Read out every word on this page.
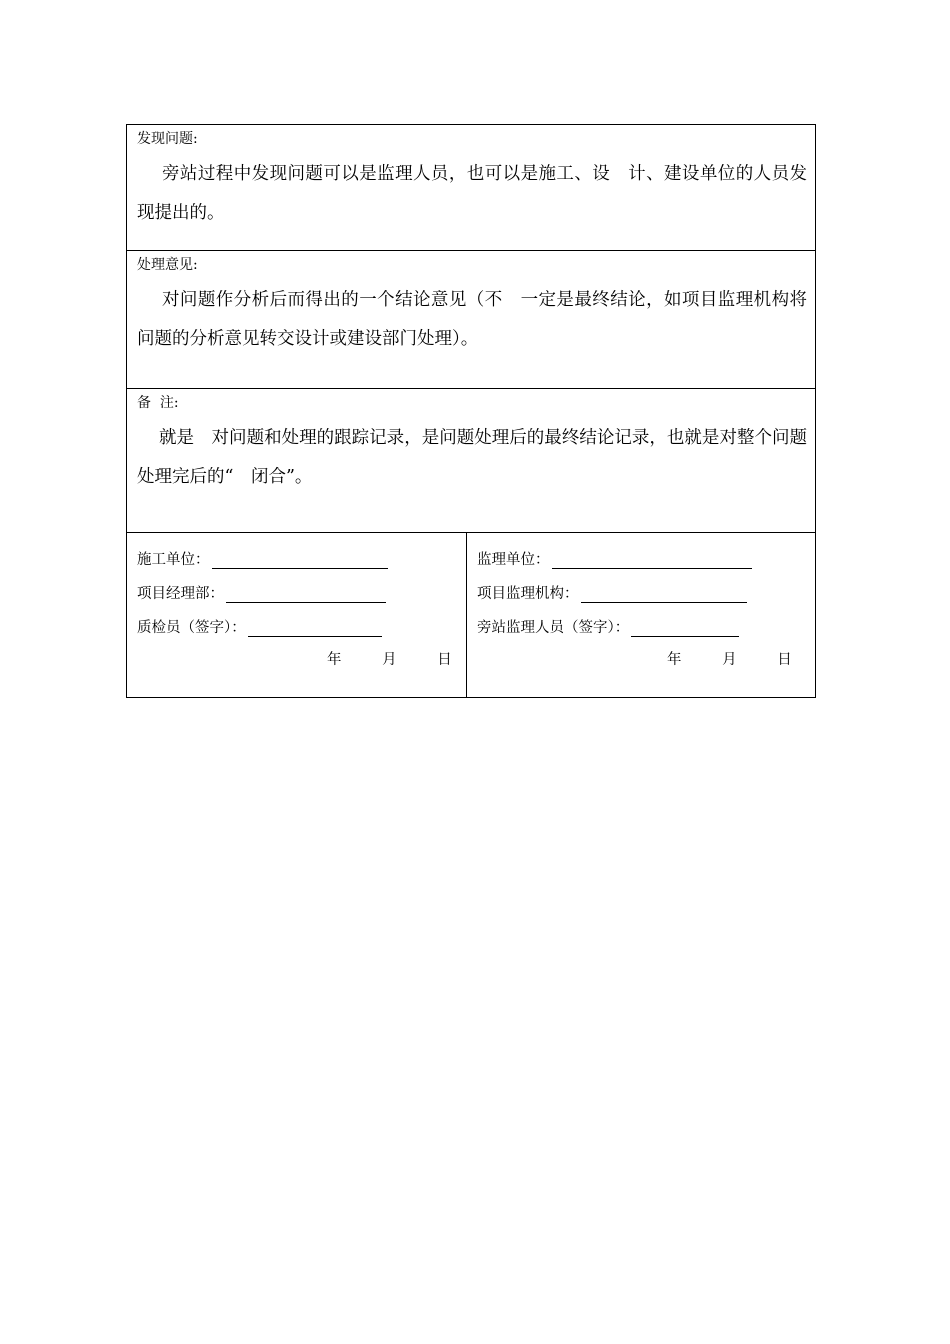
发现问题:
旁站过程中发现问题可以是监理人员，也可以是施工、设　计、建设单位的人员发现提出的。
处理意见:
对问题作分析后而得出的一个结论意见（不　一定是最终结论，如项目监理机构将问题的分析意见转交设计或建设部门处理）。
备  注:
就是　对问题和处理的跟踪记录，是问题处理后的最终结论记录，也就是对整个问题处理完后的“　闭合”。
施工单位：
项目经理部：
质检员（签字）：
年	月	日
监理单位：
项目监理机构：
旁站监理人员（签字）：
年	月	日
